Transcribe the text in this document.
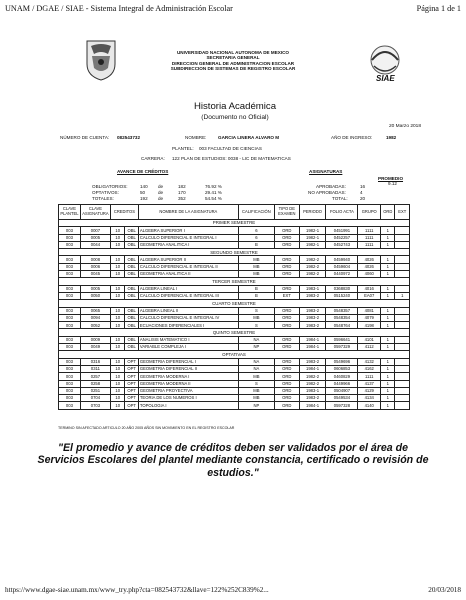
UNAM / DGAE / SIAE - Sistema Integral de Administración Escolar	Página 1 de 1
UNIVERSIDAD NACIONAL AUTONOMA DE MEXICO
SECRETARIA GENERAL
DIRECCION GENERAL DE ADMINISTRACION ESCOLAR
SUBDIRECCION DE SISTEMAS DE REGISTRO ESCOLAR
SIAE
Historia Académica
(Documento no Oficial)
20 Marzo 2018
NÚMERO DE CUENTA: 082543732	NOMBRE:	GARCIA LINERA ALVARO M	AÑO DE INGRESO:	1982
PLANTEL: 003 FACULTAD DE CIENCIAS
CARRERA: 122 PLAN DE ESTUDIOS: 0038 - LIC DE MATEMATICAS
AVANCE DE CRÉDITOS	ASIGNATURAS
PROMEDIO
9.12
OBLIGATORIOS:	140 de	182	76.92 %	APROBADAS:	16
OPTATIVOS:	50	de	170	29.41 %	NO APROBADAS:	4
TOTALES:	192 de	352	54.54 %	TOTAL:	20
CLAVE PLANTEL	CLAVE ASIGNATURA	CREDITOS		NOMBRE DE LA ASIGNATURA	CALIFICACIÓN	TIPO DE EXAMEN	PERIODO	FOLIO ACTA	GRUPO	ORD	EXT
PRIMER SEMESTRE											
003	0007	10	OBL	ALGEBRA SUPERIOR I	6	ORD	1982-1	0451991	1111	1	
003	0005	10	OBL	CALCULO DIFERENCIAL E INTEGRAL I	6	ORD	1982-1	0452257	1111	1	
003	0044	10	OBL	GEOMETRIA ANALITICA I	B	ORD	1982-1	0452743	1111	1	
SEGUNDO SEMESTRE											
003	0008	10	OBL	ALGEBRA SUPERIOR II	MB	ORD	1982-2	0459940	4026	1	
003	0006	10	OBL	CALCULO DIFERENCIAL E INTEGRAL II	MB	ORD	1982-2	0459604	4026	1	
003	0045	10	OBL	GEOMETRIA ANALITICA II	MB	ORD	1982-2	0440972	4060	1	
TERCER SEMESTRE											
003	0005	10	OBL	ALGEBRA LINEAL I	B	ORD	1983-1	0368830	4016	1	
003	0050	10	OBL	CALCULO DIFERENCIAL E INTEGRAL III	B	EXT	1983-2	0515240	EA07	1	1
CUARTO SEMESTRE											
003	0065	10	OBL	ALGEBRA LINEAL II	S	ORD	1983-2	0548357	4081	1	
003	0094	10	OBL	CALCULO DIFERENCIAL E INTEGRAL IV	MB	ORD	1983-2	0548354	4079	1	
003	0052	10	OBL	ECUACIONES DIFERENCIALES I	S	ORD	1983-2	0548764	4198	1	
QUINTO SEMESTRE											
003	0009	10	OBL	ANALISIS MATEMATICO I	NA	ORD	1984-1	0596641	4101	1	
003	0049	10	OBL	VARIABLE COMPLEJA I	NP	ORD	1984-1	0597329	4112	1	
OPTATIVAS											
003	0316	10	OPT	GEOMETRIA DIFERENCIAL I	NA	ORD	1983-2	0549696	4132	1	
003	0311	10	OPT	GEOMETRIA DIFERENCIAL II	NA	ORD	1984-1	0606853	4162	1	
003	0257	10	OPT	GEOMETRIA MODERNA I	MB	ORD	1982-2	0460829	1111	1	
003	0258	10	OPT	GEOMETRIA MODERNA II	S	ORD	1982-2	0449966	4137	1	
003	0251	10	OPT	GEOMETRIA PROYECTIVA	MB	ORD	1983-1	0504907	4129	1	
003	0704	10	OPT	TEORIA DE LOS NUMEROS I	MB	ORD	1983-2	0549534	4134	1	
003	0703	10	OPT	TOPOLOGIA I	NP	ORD	1984-1	0597328	4140	1	
TERMINO SIN AFECTADO ARTICULO 20 AÑO 2005 AÑOS SIN MOVIMIENTO EN EL REGISTRO ESCOLAR
"El promedio y avance de créditos deben ser validados por el área de Servicios Escolares del plantel mediante constancia, certificado o revisión de estudios."
https://www.dgae-siae.unam.mx/www_try.php?cta=082543732&llave=122%252C839%2...	20/03/2018
